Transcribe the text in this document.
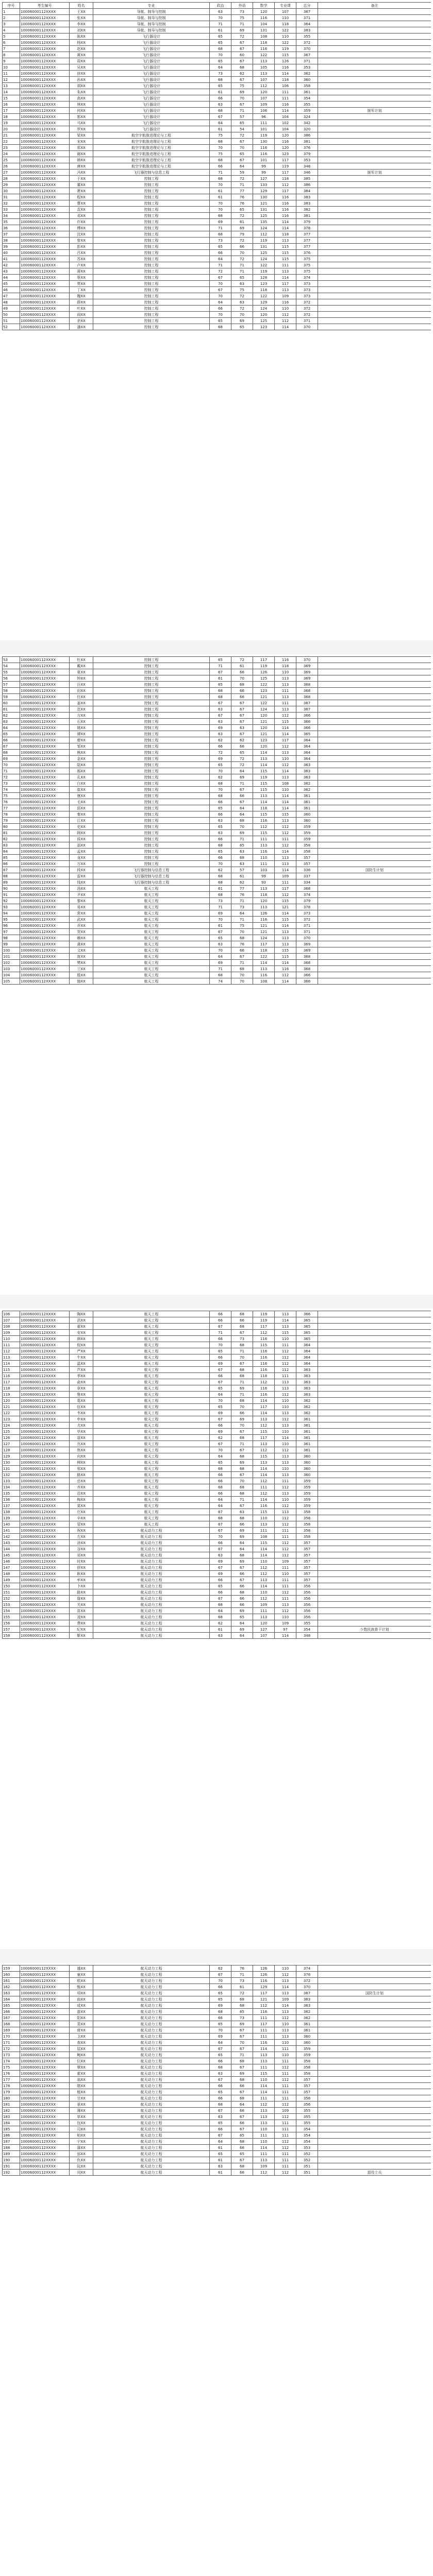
序号	考生编号	姓名	专业	政治	外语	数学	专业课	总分	备注
1	10006000112XXXX	王XX	导航、制导与控制	63	73	120	107	367	
2	10006000112XXXX	张XX	导航、制导与控制	70	75	116	110	371	
3	10006000112XXXX	李XX	导航、制导与控制	71	71	104	118	364	
4	10006000112XXXX	刘XX	导航、制导与控制	61	69	131	122	383	
5	10006000112XXXX	陈XX	飞行器设计	65	72	108	110	355	
6	10006000112XXXX	杨XX	飞行器设计	65	67	118	122	372	
7	10006000112XXXX	赵XX	飞行器设计	68	67	116	119	370	
8	10006000112XXXX	黄XX	飞行器设计	70	60	122	115	367	
9	10006000112XXXX	周XX	飞行器设计	65	67	113	126	371	
10	10006000112XXXX	吴XX	飞行器设计	64	68	105	116	353	
11	10006000112XXXX	徐XX	飞行器设计	73	62	113	114	362	
12	10006000112XXXX	孙XX	飞行器设计	68	67	107	118	360	
13	10006000112XXXX	胡XX	飞行器设计	65	75	112	106	358	
14	10006000112XXXX	朱XX	飞行器设计	61	69	120	111	361	
15	10006000112XXXX	高XX	飞行器设计	66	70	107	111	354	
16	10006000112XXXX	林XX	飞行器设计	63	67	109	116	355	
17	10006000112XXXX	何XX	飞行器设计	68	71	106	114	359	援军计划
18	10006000112XXXX	郭XX	飞行器设计	67	57	96	104	324	
19	10006000112XXXX	马XX	飞行器设计	64	65	111	102	342	
20	10006000112XXXX	罗XX	飞行器设计	61	54	101	104	320	
21	10006000112XXXX	梁XX	航空宇航推进理论与工程	75	72	119	120	386	
22	10006000112XXXX	宋XX	航空宇航推进理论与工程	68	67	130	116	381	
23	10006000112XXXX	郑XX	航空宇航推进理论与工程	70	70	116	120	376	
24	10006000112XXXX	谢XX	航空宇航推进理论与工程	75	65	116	123	379	
25	10006000112XXXX	韩XX	航空宇航推进理论与工程	68	67	101	117	353	
26	10006000112XXXX	唐XX	航空宇航推进理论与工程	66	64	99	119	348	
27	10006000112XXXX	冯XX	飞行器控制与信息工程	71	59	99	117	346	援军计划
28	10006000112XXXX	于XX	控制工程	68	72	127	118	385	
29	10006000112XXXX	董XX	控制工程	70	71	133	112	386	
30	10006000112XXXX	萧XX	控制工程	61	77	129	117	384	
31	10006000112XXXX	程XX	控制工程	61	76	130	116	383	
32	10006000112XXXX	曹XX	控制工程	70	76	121	116	383	
33	10006000112XXXX	袁XX	控制工程	70	65	131	116	382	
34	10006000112XXXX	邓XX	控制工程	68	72	125	116	381	
35	10006000112XXXX	许XX	控制工程	69	61	135	114	379	
36	10006000112XXXX	傅XX	控制工程	71	69	124	114	378	
37	10006000112XXXX	沈XX	控制工程	68	79	112	118	377	
38	10006000112XXXX	曾XX	控制工程	73	72	119	113	377	
39	10006000112XXXX	彭XX	控制工程	65	66	131	115	377	
40	10006000112XXXX	吕XX	控制工程	66	70	125	115	376	
41	10006000112XXXX	苏XX	控制工程	64	72	124	115	375	
42	10006000112XXXX	卢XX	控制工程	71	71	122	111	375	
43	10006000112XXXX	蒋XX	控制工程	72	71	119	113	375	
44	10006000112XXXX	蔡XX	控制工程	67	65	128	114	374	
45	10006000112XXXX	贾XX	控制工程	70	63	123	117	373	
46	10006000112XXXX	丁XX	控制工程	67	75	118	113	373	
47	10006000112XXXX	魏XX	控制工程	70	72	122	109	373	
48	10006000112XXXX	薛XX	控制工程	64	63	129	116	372	
49	10006000112XXXX	叶XX	控制工程	66	72	124	110	372	
50	10006000112XXXX	阎XX	控制工程	70	70	120	112	372	
51	10006000112XXXX	余XX	控制工程	65	69	125	112	371	
52	10006000112XXXX	潘XX	控制工程	68	65	123	114	370	
53	10006000112XXXX	杜XX	控制工程	65	72	117	116	370	
54	10006000112XXXX	戴XX	控制工程	71	61	119	118	369	
55	10006000112XXXX	夏XX	控制工程	67	66	126	110	369	
56	10006000112XXXX	钟XX	控制工程	61	70	125	113	369	
57	10006000112XXXX	汪XX	控制工程	65	68	122	113	368	
58	10006000112XXXX	田XX	控制工程	68	66	123	111	368	
59	10006000112XXXX	任XX	控制工程	68	66	121	113	368	
60	10006000112XXXX	姜XX	控制工程	67	67	122	111	367	
61	10006000112XXXX	范XX	控制工程	63	67	124	113	367	
62	10006000112XXXX	方XX	控制工程	67	67	120	112	366	
63	10006000112XXXX	石XX	控制工程	63	67	121	115	366	
64	10006000112XXXX	姚XX	控制工程	69	63	120	114	366	
65	10006000112XXXX	谭XX	控制工程	63	67	121	114	365	
66	10006000112XXXX	廖XX	控制工程	62	62	123	117	364	
67	10006000112XXXX	邹XX	控制工程	66	66	120	112	364	
68	10006000112XXXX	熊XX	控制工程	72	65	114	113	364	
69	10006000112XXXX	金XX	控制工程	69	72	113	110	364	
70	10006000112XXXX	陆XX	控制工程	65	72	114	112	363	
71	10006000112XXXX	郝XX	控制工程	70	64	115	114	363	
72	10006000112XXXX	孔XX	控制工程	62	69	119	113	363	
73	10006000112XXXX	白XX	控制工程	68	71	115	108	362	
74	10006000112XXXX	崔XX	控制工程	70	67	115	110	362	
75	10006000112XXXX	康XX	控制工程	68	66	113	114	361	
76	10006000112XXXX	毛XX	控制工程	66	67	114	114	361	
77	10006000112XXXX	邱XX	控制工程	65	64	118	114	361	
78	10006000112XXXX	秦XX	控制工程	66	64	115	115	360	
79	10006000112XXXX	江XX	控制工程	63	68	116	113	360	
80	10006000112XXXX	史XX	控制工程	65	70	112	112	359	
81	10006000112XXXX	顾XX	控制工程	63	69	115	112	359	
82	10006000112XXXX	侯XX	控制工程	66	71	111	111	359	
83	10006000112XXXX	邵XX	控制工程	68	65	113	112	358	
84	10006000112XXXX	孟XX	控制工程	65	63	116	114	358	
85	10006000112XXXX	龙XX	控制工程	66	68	110	113	357	
86	10006000112XXXX	万XX	控制工程	70	63	111	113	357	
87	10006000112XXXX	段XX	飞行器控制与信息工程	62	57	103	114	336	国防生计划
88	10006000112XXXX	雷XX	飞行器控制与信息工程	68	61	99	109	337	
89	10006000112XXXX	钱XX	飞行器控制与信息工程	68	62	93	111	334	
90	10006000112XXXX	汤XX	航天工程	61	77	113	117	368	
91	10006000112XXXX	尹XX	航天工程	68	76	118	112	374	
92	10006000112XXXX	黎XX	航天工程	73	71	120	115	379	
93	10006000112XXXX	易XX	航天工程	71	73	113	121	378	
94	10006000112XXXX	常XX	航天工程	69	64	126	114	373	
95	10006000112XXXX	武XX	航天工程	70	71	116	115	372	
96	10006000112XXXX	乔XX	航天工程	61	75	121	114	371	
97	10006000112XXXX	贺XX	航天工程	67	70	121	113	371	
98	10006000112XXXX	赖XX	航天工程	65	68	124	113	370	
99	10006000112XXXX	龚XX	航天工程	63	76	117	113	369	
100	10006000112XXXX	文XX	航天工程	70	66	118	115	369	
101	10006000112XXXX	庞XX	航天工程	64	67	122	115	368	
102	10006000112XXXX	樊XX	航天工程	69	71	114	114	368	
103	10006000112XXXX	兰XX	航天工程	71	68	113	116	368	
104	10006000112XXXX	殷XX	航天工程	68	70	116	112	366	
105	10006000112XXXX	施XX	航天工程	74	70	108	114	366	
106	10006000112XXXX	陶XX	航天工程	66	68	119	113	366	
107	10006000112XXXX	洪XX	航天工程	66	66	119	114	365	
108	10006000112XXXX	翟XX	航天工程	67	68	117	113	365	
109	10006000112XXXX	安XX	航天工程	71	67	112	115	365	
110	10006000112XXXX	颜XX	航天工程	66	73	116	110	365	
111	10006000112XXXX	倪XX	航天工程	70	68	115	111	364	
112	10006000112XXXX	严XX	航天工程	65	71	116	112	364	
113	10006000112XXXX	牛XX	航天工程	66	70	116	112	364	
114	10006000112XXXX	温XX	航天工程	69	67	116	112	364	
115	10006000112XXXX	芦XX	航天工程	67	68	116	112	363	
116	10006000112XXXX	季XX	航天工程	66	68	118	111	363	
117	10006000112XXXX	俞XX	航天工程	67	71	112	113	363	
118	10006000112XXXX	章XX	航天工程	65	69	116	113	363	
119	10006000112XXXX	鲁XX	航天工程	64	71	116	112	363	
120	10006000112XXXX	葛XX	航天工程	70	68	114	110	362	
121	10006000112XXXX	伍XX	航天工程	65	70	117	110	362	
122	10006000112XXXX	韦XX	航天工程	69	66	114	113	362	
123	10006000112XXXX	申XX	航天工程	67	69	113	112	361	
124	10006000112XXXX	尤XX	航天工程	66	70	112	113	361	
125	10006000112XXXX	毕XX	航天工程	69	67	115	110	361	
126	10006000112XXXX	聂XX	航天工程	62	68	117	114	361	
127	10006000112XXXX	丛XX	航天工程	67	71	113	110	361	
128	10006000112XXXX	焦XX	航天工程	70	67	112	112	361	
129	10006000112XXXX	向XX	航天工程	64	68	115	113	360	
130	10006000112XXXX	柳XX	航天工程	65	69	113	113	360	
131	10006000112XXXX	邢XX	航天工程	68	68	114	110	360	
132	10006000112XXXX	路XX	航天工程	66	67	114	113	360	
133	10006000112XXXX	岳XX	航天工程	66	70	112	111	359	
134	10006000112XXXX	齐XX	航天工程	68	68	111	112	359	
135	10006000112XXXX	沿XX	航天工程	66	68	112	113	359	
136	10006000112XXXX	梅XX	航天工程	64	71	114	110	359	
137	10006000112XXXX	莫XX	航天工程	64	67	116	112	359	
138	10006000112XXXX	庄XX	航天工程	67	63	115	113	358	
139	10006000112XXXX	辛XX	航天工程	68	68	110	112	358	
140	10006000112XXXX	管XX	航天工程	67	66	113	112	358	
141	10006000112XXXX	祝XX	航天动力工程	67	69	111	111	358	
142	10006000112XXXX	左XX	航天动力工程	70	69	108	111	358	
143	10006000112XXXX	涂XX	航天动力工程	66	64	115	112	357	
144	10006000112XXXX	谷XX	航天动力工程	67	64	114	112	357	
145	10006000112XXXX	祁XX	航天动力工程	63	68	114	112	357	
146	10006000112XXXX	时XX	航天动力工程	69	69	110	109	357	
147	10006000112XXXX	舒XX	航天动力工程	67	67	112	111	357	
148	10006000112XXXX	耿XX	航天动力工程	69	66	112	110	357	
149	10006000112XXXX	牟XX	航天动力工程	66	67	113	111	357	
150	10006000112XXXX	卜XX	航天动力工程	65	66	114	111	356	
151	10006000112XXXX	路XX	航天动力工程	66	68	110	112	356	
152	10006000112XXXX	詹XX	航天动力工程	67	66	112	111	356	
153	10006000112XXXX	关XX	航天动力工程	68	66	109	113	356	
154	10006000112XXXX	苗XX	航天动力工程	64	69	111	112	356	
155	10006000112XXXX	凌XX	航天动力工程	68	65	113	110	356	
156	10006000112XXXX	费XX	航天动力工程	62	64	120	109	355	
157	10006000112XXXX	纪XX	航天动力工程	61	69	127	97	354	少数民族骨干计划
158	10006000112XXXX	靳XX	航天动力工程	63	64	107	114	348	
159	10006000112XXXX	盛XX	航天动力工程	62	76	126	110	374	
160	10006000112XXXX	童XX	航天动力工程	67	71	126	112	376	
161	10006000112XXXX	欧XX	航天动力工程	70	73	116	113	372	
162	10006000112XXXX	甄XX	航天动力工程	66	61	129	114	370	
163	10006000112XXXX	项XX	航天动力工程	65	72	117	113	367	国防生计划
164	10006000112XXXX	曲XX	航天动力工程	65	68	121	109	363	
165	10006000112XXXX	成XX	航天动力工程	69	68	112	114	363	
166	10006000112XXXX	游XX	航天动力工程	68	65	116	113	362	
167	10006000112XXXX	阳XX	航天动力工程	66	73	111	112	362	
168	10006000112XXXX	裴XX	航天动力工程	65	69	117	110	361	
169	10006000112XXXX	席XX	航天动力工程	70	67	111	113	361	
170	10006000112XXXX	卫XX	航天动力工程	69	67	111	113	360	
171	10006000112XXXX	查XX	航天动力工程	64	70	116	110	360	
172	10006000112XXXX	屈XX	航天动力工程	67	67	114	111	359	
173	10006000112XXXX	鲍XX	航天动力工程	65	71	113	110	359	
174	10006000112XXXX	位XX	航天动力工程	66	68	113	111	358	
175	10006000112XXXX	覃XX	航天动力工程	68	67	111	112	358	
176	10006000112XXXX	霍XX	航天动力工程	63	69	115	111	358	
177	10006000112XXXX	翁XX	航天动力工程	67	68	110	112	357	
178	10006000112XXXX	隋XX	航天动力工程	66	66	114	111	357	
179	10006000112XXXX	植XX	航天动力工程	65	67	114	111	357	
180	10006000112XXXX	甘XX	航天动力工程	66	68	111	111	356	
181	10006000112XXXX	景XX	航天动力工程	68	64	112	112	356	
182	10006000112XXXX	薄XX	航天动力工程	67	66	113	109	355	
183	10006000112XXXX	单XX	航天动力工程	63	67	113	112	355	
184	10006000112XXXX	包XX	航天动力工程	65	66	113	111	355	
185	10006000112XXXX	司XX	航天动力工程	66	67	110	111	354	
186	10006000112XXXX	柏XX	航天动力工程	67	65	111	111	354	
187	10006000112XXXX	宁XX	航天动力工程	64	68	110	112	354	
188	10006000112XXXX	蒲XX	航天动力工程	61	66	114	112	353	
189	10006000112XXXX	邰XX	航天动力工程	65	65	111	111	352	
190	10006000112XXXX	仇XX	航天动力工程	61	67	113	111	352	
191	10006000112XXXX	阮XX	航天动力工程	63	68	109	111	351	
192	10006000112XXXX	闵XX	航天动力工程	61	66	112	112	351	退役士兵
